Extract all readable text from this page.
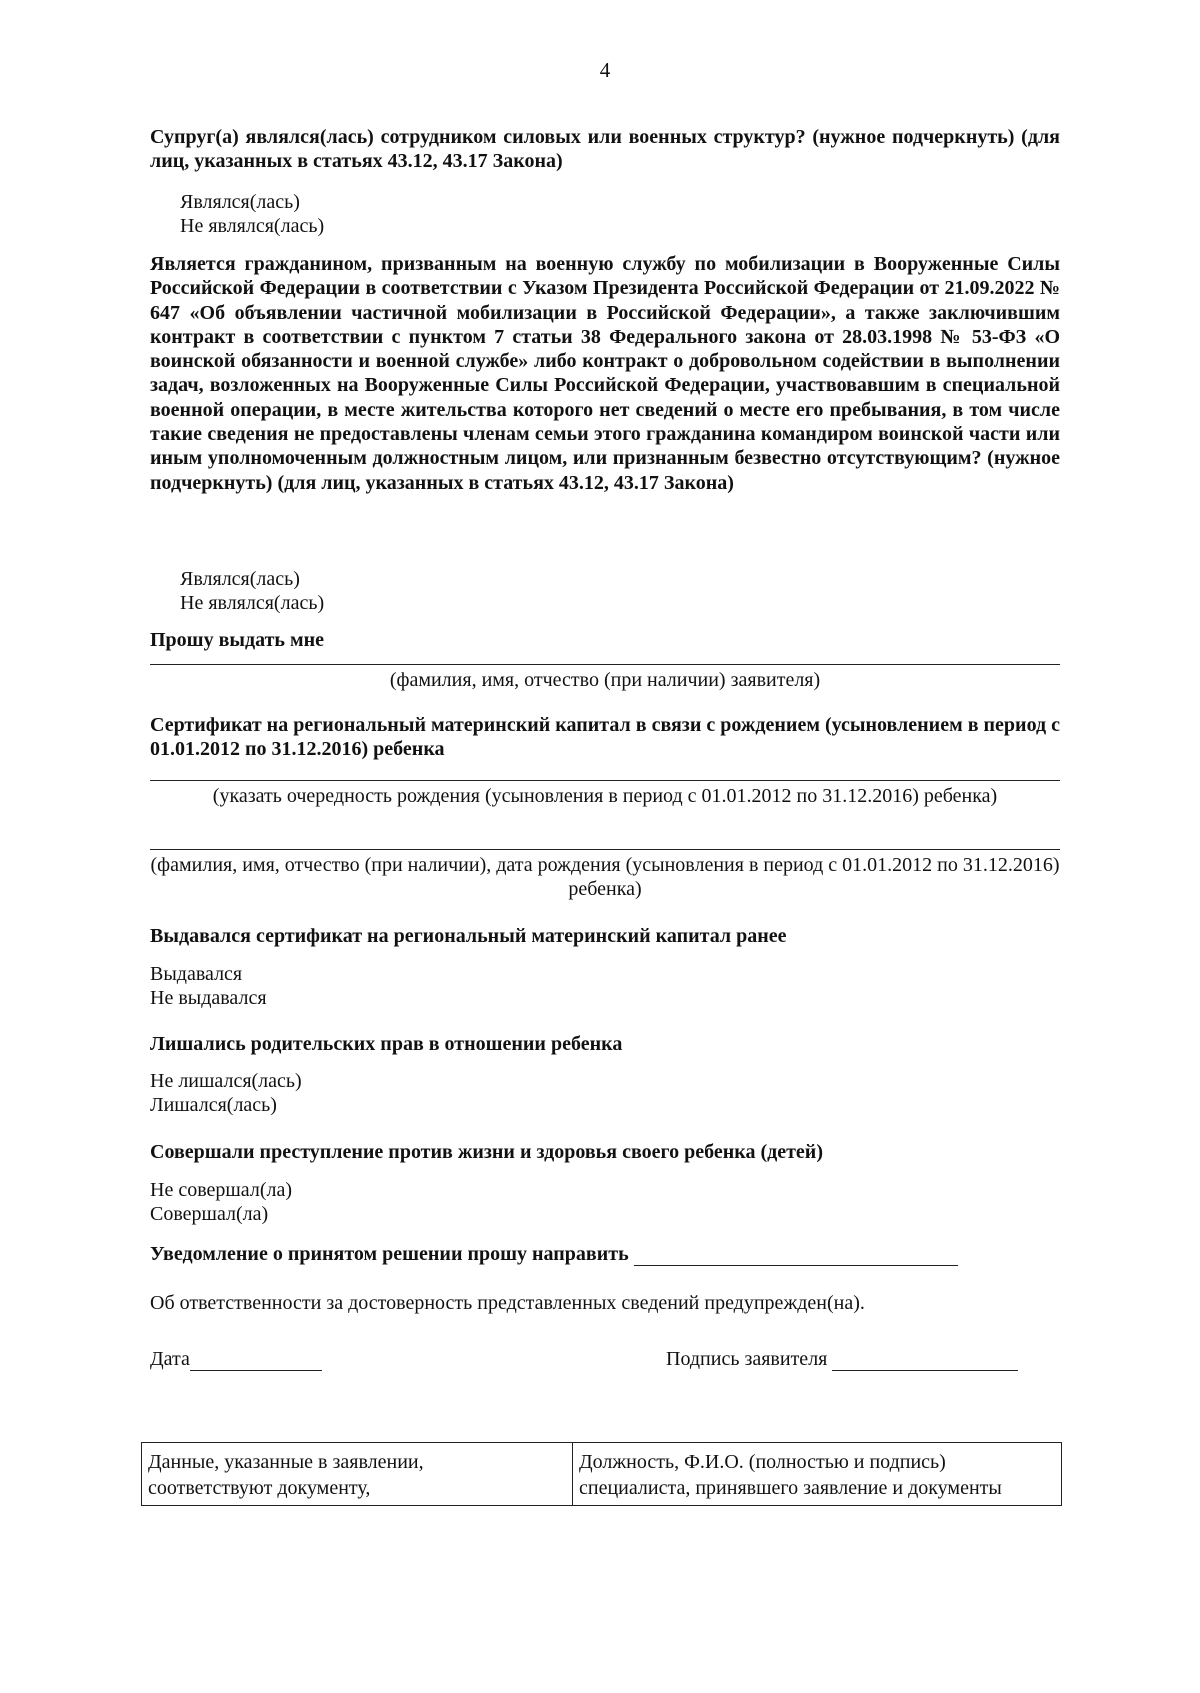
4
Супруг(а) являлся(лась) сотрудником силовых или военных структур? (нужное подчеркнуть) (для лиц, указанных в статьях 43.12, 43.17 Закона)
Являлся(лась)
Не являлся(лась)
Является гражданином, призванным на военную службу по мобилизации в Вооруженные Силы Российской Федерации в соответствии с Указом Президента Российской Федерации от 21.09.2022 № 647 «Об объявлении частичной мобилизации в Российской Федерации», а также заключившим контракт в соответствии с пунктом 7 статьи 38 Федерального закона от 28.03.1998 № 53-ФЗ «О воинской обязанности и военной службе» либо контракт о добровольном содействии в выполнении задач, возложенных на Вооруженные Силы Российской Федерации, участвовавшим в специальной военной операции, в месте жительства которого нет сведений о месте его пребывания, в том числе такие сведения не предоставлены членам семьи этого гражданина командиром воинской части или иным уполномоченным должностным лицом, или признанным безвестно отсутствующим? (нужное подчеркнуть) (для лиц, указанных в статьях 43.12, 43.17 Закона)
Являлся(лась)
Не являлся(лась)
Прошу выдать мне
(фамилия, имя, отчество (при наличии) заявителя)
Сертификат на региональный материнский капитал в связи с рождением (усыновлением в период с 01.01.2012 по 31.12.2016) ребенка
(указать очередность рождения (усыновления в период с 01.01.2012 по 31.12.2016) ребенка)
(фамилия, имя, отчество (при наличии), дата рождения (усыновления в период с 01.01.2012 по 31.12.2016) ребенка)
Выдавался сертификат на региональный материнский капитал ранее
Выдавался
Не выдавался
Лишались родительских прав в отношении ребенка
Не лишался(лась)
Лишался(лась)
Совершали преступление против жизни и здоровья своего ребенка (детей)
Не совершал(ла)
Совершал(ла)
Уведомление о принятом решении прошу направить
Об ответственности за достоверность представленных сведений предупрежден(на).
Дата	Подпись заявителя
Данные, указанные в заявлении,
соответствуют документу,

Должность, Ф.И.О. (полностью и подпись)
специалиста, принявшего заявление и документы
